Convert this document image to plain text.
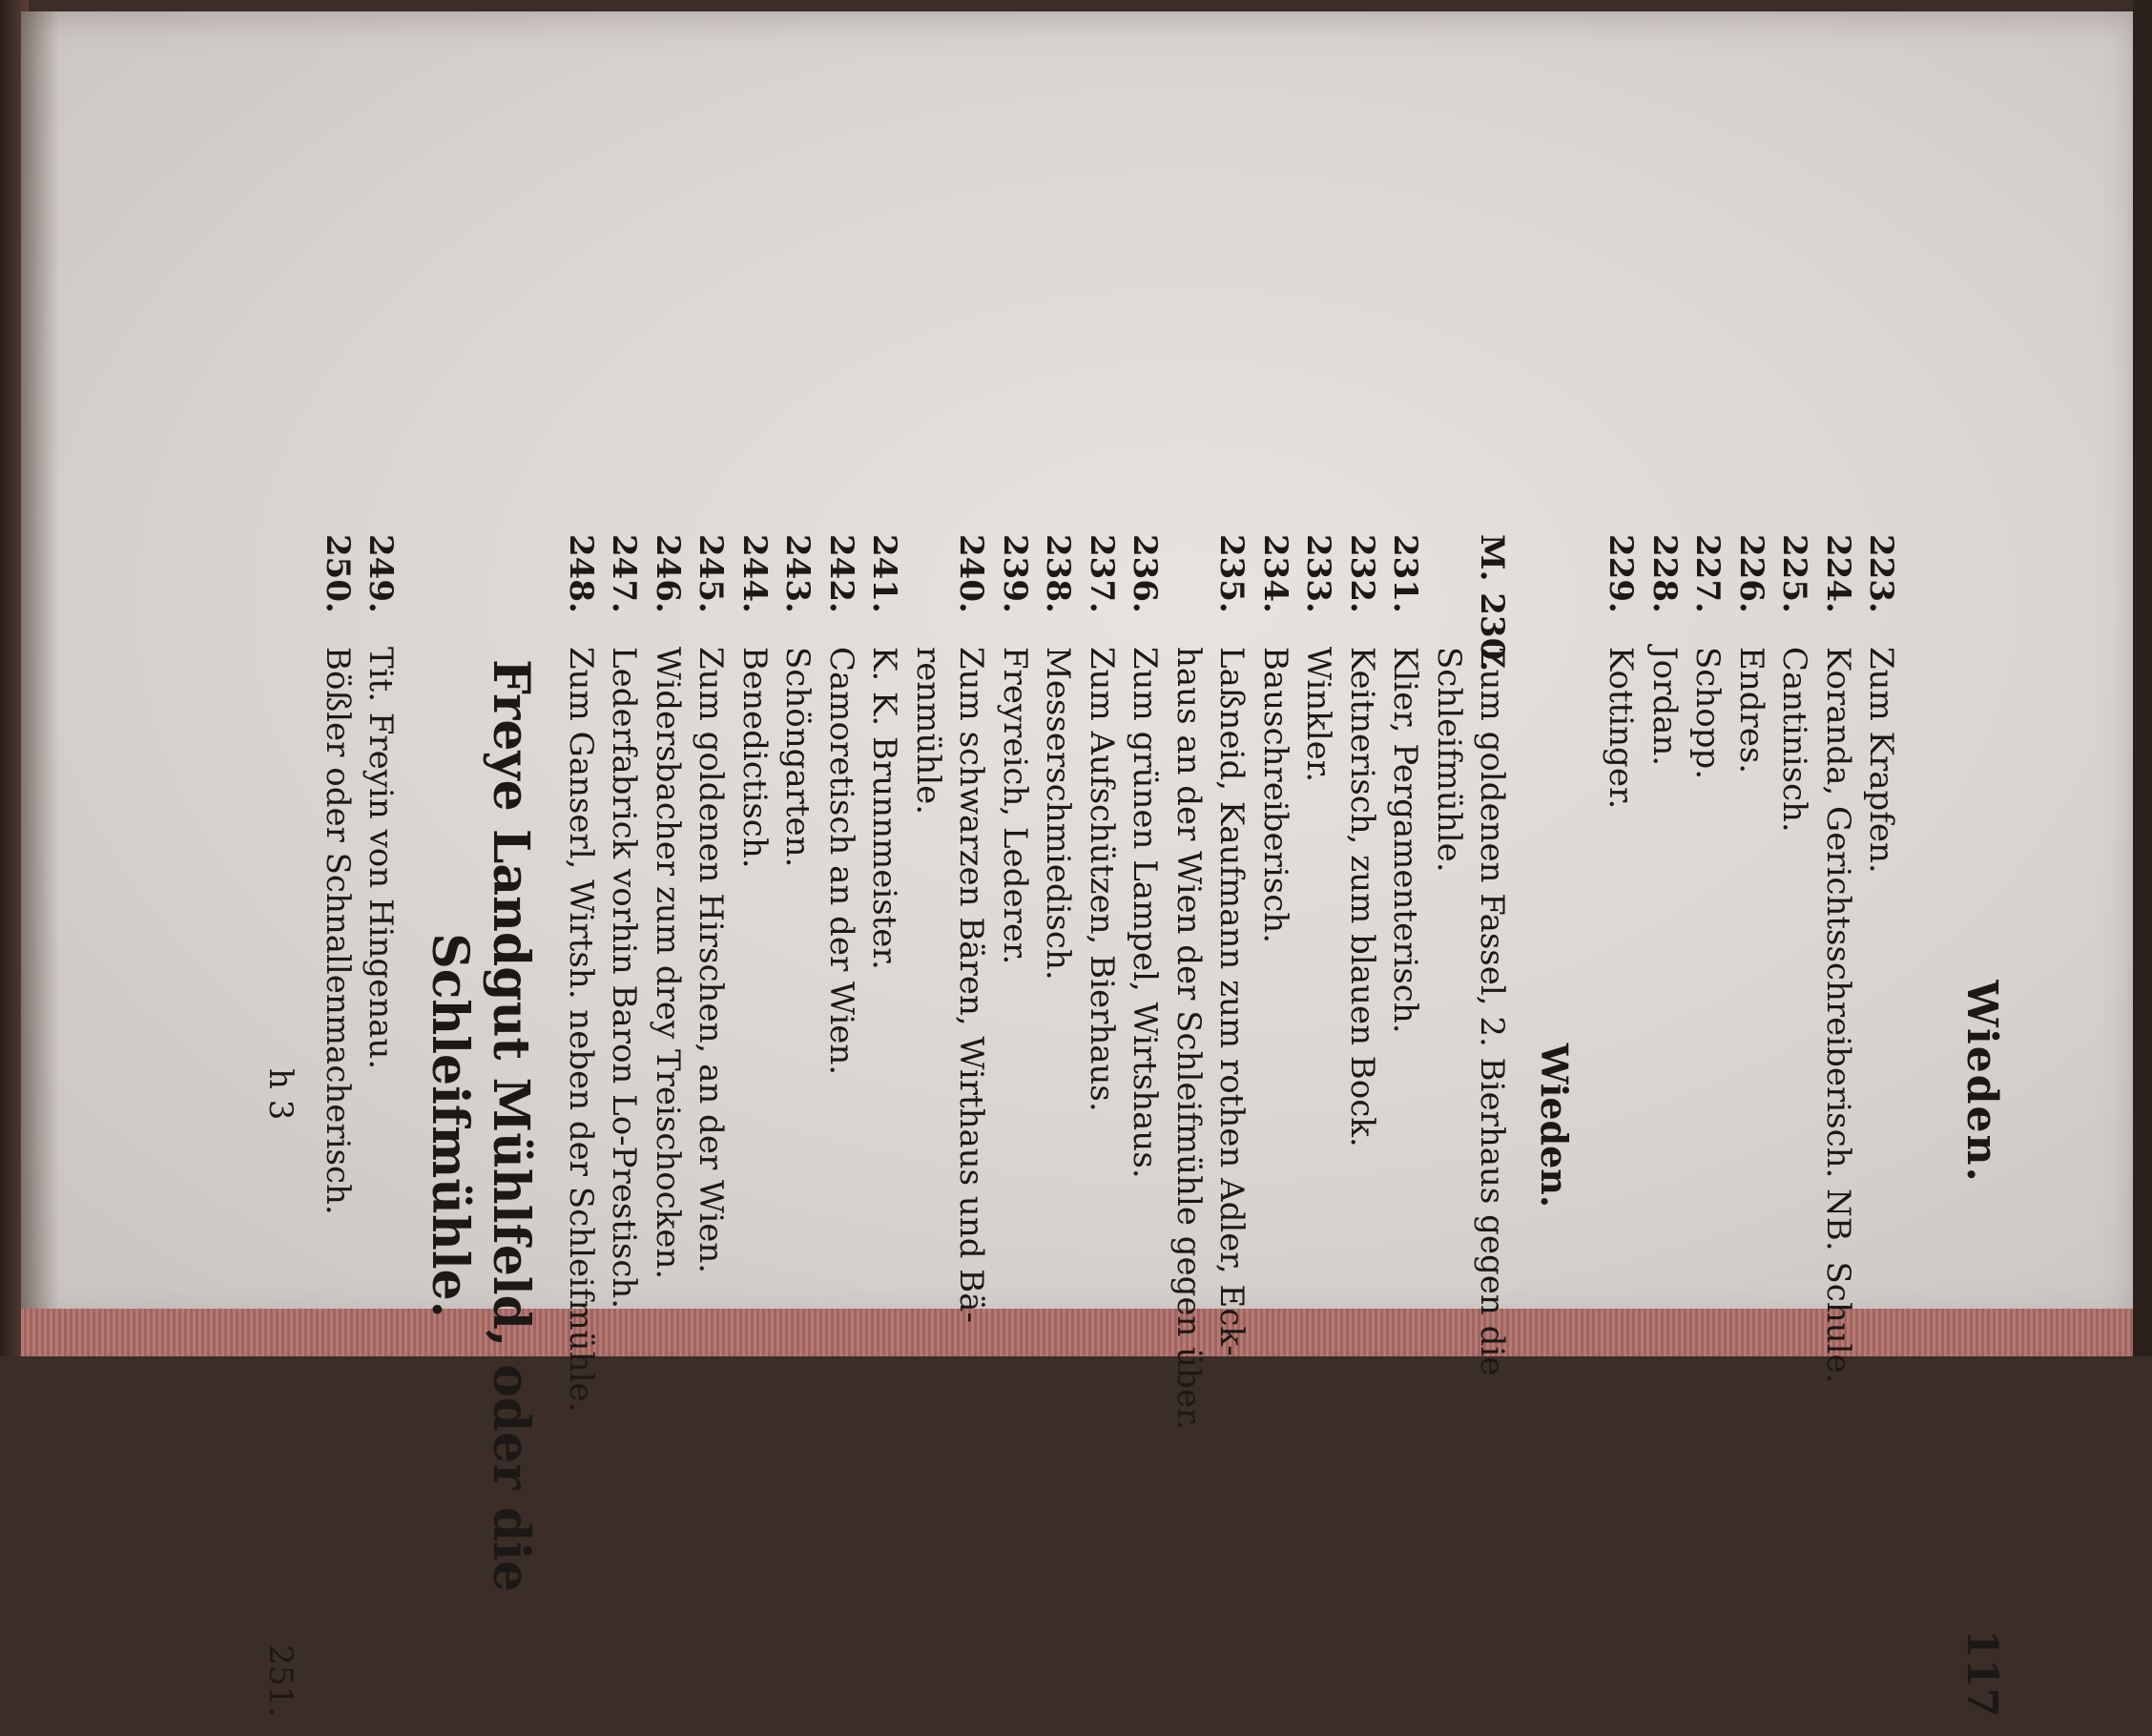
Wieden.
117
223.
Zum Krapfen.
224.
Koranda, Gerichtsschreiberisch. NB. Schule.
225.
Cantinisch.
226.
Endres.
227.
Schopp.
228.
Jordan.
229.
Kottinger.
Wieden.
M. 230.
Zum goldenen Fassel, 2. Bierhaus gegen die
Schleifmühle.
231.
Klier, Pergamenterisch.
232.
Keitnerisch, zum blauen Bock.
233.
Winkler.
234.
Bauschreiberisch.
235.
Laßneid, Kaufmann zum rothen Adler, Eck-
haus an der Wien der Schleifmühle gegen über.
236.
Zum grünen Lampel, Wirtshaus.
237.
Zum Aufschützen, Bierhaus.
238.
Messerschmiedisch.
239.
Freyreich, Lederer.
240.
Zum schwarzen Bären, Wirthaus und Bä-
renmühle.
241.
K. K. Brunnmeister.
242.
Camoretisch an der Wien.
243.
Schöngarten.
244.
Benedictisch.
245.
Zum goldenen Hirschen, an der Wien.
246.
Widersbacher zum drey Treischocken.
247.
Lederfabrick vorhin Baron Lo-Prestisch.
248.
Zum Ganserl, Wirtsh. neben der Schleifmühle.
Freye Landgut Mühlfeld, oder die
Schleifmühle.
249.
Tit. Freyin von Hingenau.
250.
Bößler oder Schnallenmacherisch.
h 3
251.
